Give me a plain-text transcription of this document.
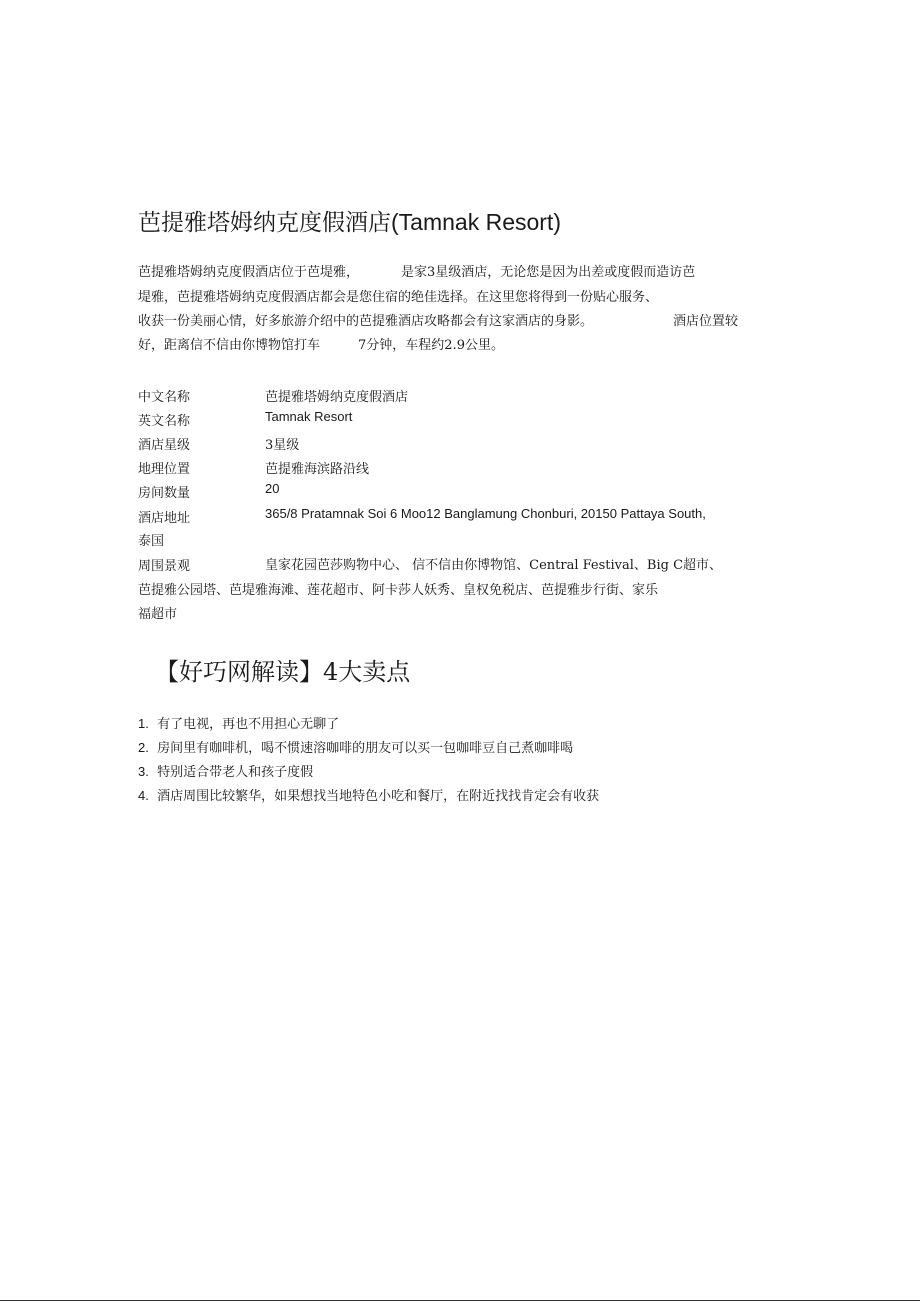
芭提雅塔姆纳克度假酒店(Tamnak Resort)
芭提雅塔姆纳克度假酒店位于芭堤雅，	是家3星级酒店，无论您是因为出差或度假而造访芭
堤雅，芭提雅塔姆纳克度假酒店都会是您住宿的绝佳选择。在这里您将得到一份贴心服务、
收获一份美丽心情，好多旅游介绍中的芭提雅酒店攻略都会有这家酒店的身影。	酒店位置较
好，距离信不信由你博物馆打车	7分钟，车程约2.9公里。
中文名称	芭提雅塔姆纳克度假酒店
英文名称	Tamnak Resort
酒店星级	3星级
地理位置	芭提雅海滨路沿线
房间数量	20
酒店地址	365/8 Pratamnak Soi 6 Moo12 Banglamung Chonburi, 20150 Pattaya South,
泰国
周围景观	皇家花园芭莎购物中心、 信不信由你博物馆、Central Festival、Big C超市、
芭提雅公园塔、芭堤雅海滩、莲花超市、阿卡莎人妖秀、皇权免税店、芭提雅步行街、家乐
福超市
【好巧网解读】4大卖点
1. 有了电视，再也不用担心无聊了
2. 房间里有咖啡机，喝不惯速溶咖啡的朋友可以买一包咖啡豆自己煮咖啡喝
3. 特别适合带老人和孩子度假
4. 酒店周围比较繁华，如果想找当地特色小吃和餐厅，在附近找找肯定会有收获
